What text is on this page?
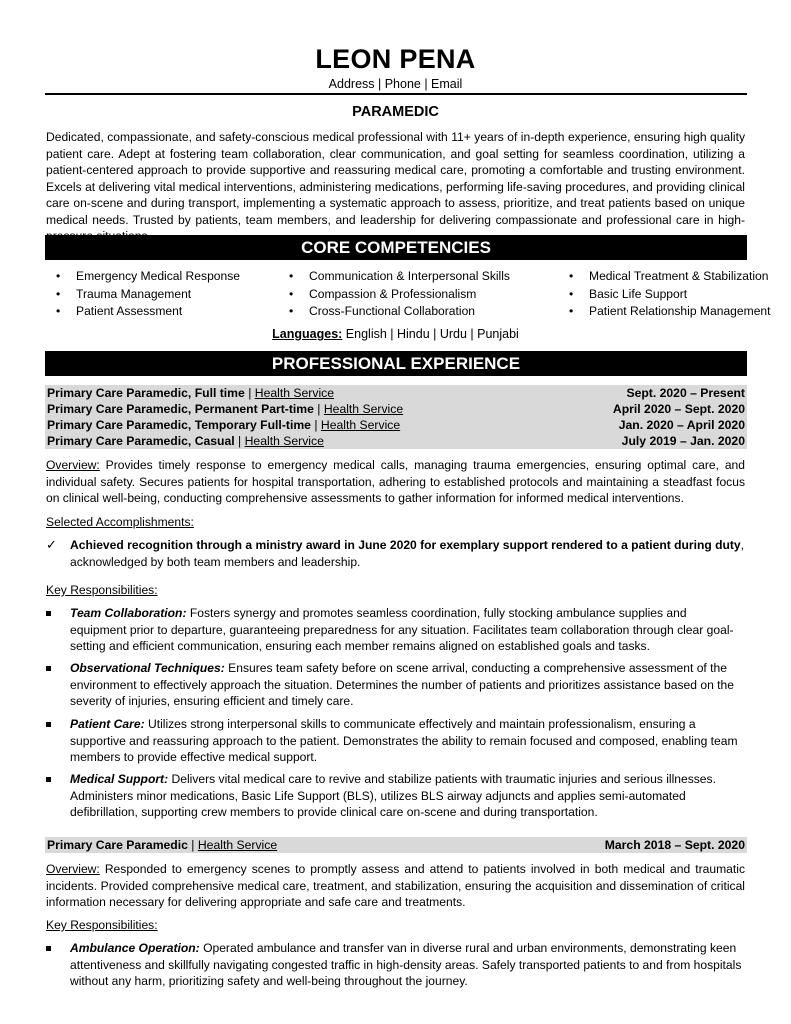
LEON PENA
Address | Phone | Email
PARAMEDIC

Dedicated, compassionate, and safety-conscious medical professional with 11+ years of in-depth experience, ensuring high quality patient care. Adept at fostering team collaboration, clear communication, and goal setting for seamless coordination, utilizing a patient-centered approach to provide supportive and reassuring medical care, promoting a comfortable and trusting environment. Excels at delivering vital medical interventions, administering medications, performing life-saving procedures, and providing clinical care on-scene and during transport, implementing a systematic approach to assess, prioritize, and treat patients based on unique medical needs. Trusted by patients, team members, and leadership for delivering compassionate and professional care in high-

CORE COMPETENCIES
• Emergency Medical Response
• Trauma Management
• Patient Assessment
• Communication & Interpersonal Skills
• Compassion & Professionalism
• Cross-Functional Collaboration
• Medical Treatment & Stabilization
• Basic Life Support
• Patient Relationship Management
Languages: English | Hindu | Urdu | Punjabi
PROFESSIONAL EXPERIENCE
Primary Care Paramedic, Full time | Health Service	Sept. 2020 – Present
Primary Care Paramedic, Permanent Part-time | Health Service	April 2020 – Sept. 2020
Primary Care Paramedic, Temporary Full-time | Health Service	Jan. 2020 – April 2020
Primary Care Paramedic, Casual | Health Service	July 2019 – Jan. 2020

Overview: Provides timely response to emergency medical calls, managing trauma emergencies, ensuring optimal care, and individual safety. Secures patients for hospital transportation, adhering to established protocols and maintaining a steadfast focus on clinical well-being, conducting comprehensive assessments to gather information for informed medical interventions.

Selected Accomplishments:
✓ Achieved recognition through a ministry award in June 2020 for exemplary support rendered to a patient during duty, acknowledged by both team members and leadership.
Key Responsibilities:
Team Collaboration: Fosters synergy and promotes seamless coordination, fully stocking ambulance supplies and equipment prior to departure, guaranteeing preparedness for any situation. Facilitates team collaboration through clear goal-setting and efficient communication, ensuring each member remains aligned on established goals and tasks.
Observational Techniques: Ensures team safety before on scene arrival, conducting a comprehensive assessment of the environment to effectively approach the situation. Determines the number of patients and prioritizes assistance based on the severity of injuries, ensuring efficient and timely care.
Patient Care: Utilizes strong interpersonal skills to communicate effectively and maintain professionalism, ensuring a supportive and reassuring approach to the patient. Demonstrates the ability to remain focused and composed, enabling team members to provide effective medical support.
Medical Support: Delivers vital medical care to revive and stabilize patients with traumatic injuries and serious illnesses. Administers minor medications, Basic Life Support (BLS), utilizes BLS airway adjuncts and applies semi-automated defibrillation, supporting crew members to provide clinical care on-scene and during transportation.
Primary Care Paramedic | Health Service	March 2018 – Sept. 2020

Overview: Responded to emergency scenes to promptly assess and attend to patients involved in both medical and traumatic incidents. Provided comprehensive medical care, treatment, and stabilization, ensuring the acquisition and dissemination of critical information necessary for delivering appropriate and safe care and treatments.

Key Responsibilities:
Ambulance Operation: Operated ambulance and transfer van in diverse rural and urban environments, demonstrating keen attentiveness and skillfully navigating congested traffic in high-density areas. Safely transported patients to and from hospitals without any harm, prioritizing safety and well-being throughout the journey.
